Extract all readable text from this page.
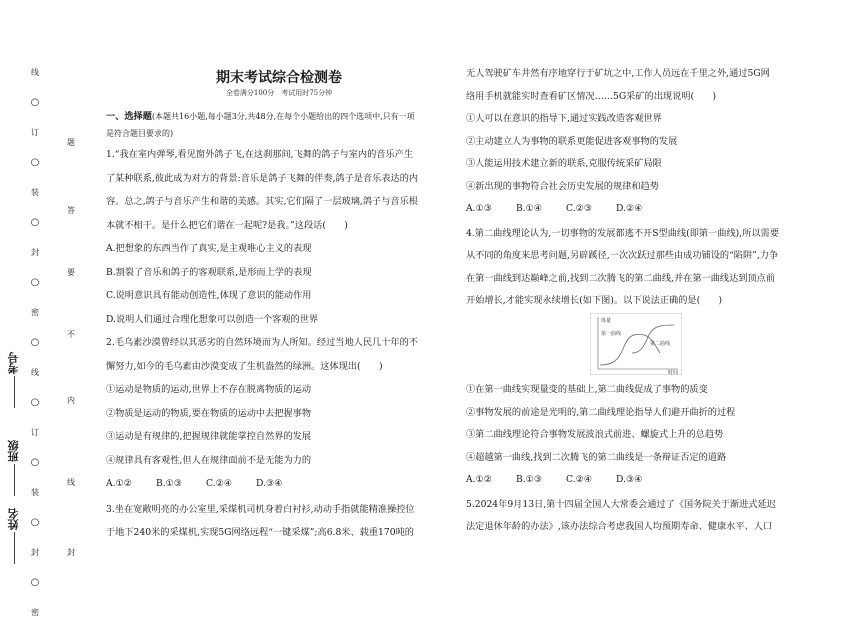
线
○
订
○
装
○
封
○
密
○
线
○
订
○
装
○
封
○
密
题
答
要
不
内
线
封
考号
班级
姓名
期末考试综合检测卷
全卷满分100分　考试用时75分钟
一、选择题(本题共16小题,每小题3分,共48分,在每个小题给出的四个选项中,只有一项
是符合题目要求的)
1.“我在室内弹琴,看见窗外鸽子飞,在这刹那间,飞舞的鸽子与室内的音乐产生
了某种联系,彼此成为对方的背景:音乐是鸽子飞舞的伴奏,鸽子是音乐表达的内
容。总之,鸽子与音乐产生和谐的美感。其实,它们隔了一层玻璃,鸽子与音乐根
本就不相干。是什么把它们谐在一起呢?是我。”这段话(　　)
A.把想象的东西当作了真实,是主观唯心主义的表现
B.割裂了音乐和鸽子的客观联系,是形而上学的表现
C.说明意识具有能动创造性,体现了意识的能动作用
D.说明人们通过合理化想象可以创造一个客观的世界
2.毛乌素沙漠曾经以其恶劣的自然环境而为人所知。经过当地人民几十年的不
懈努力,如今的毛乌素由沙漠变成了生机盎然的绿洲。这体现出(　　)
①运动是物质的运动,世界上不存在脱离物质的运动
②物质是运动的物质,要在物质的运动中去把握事物
③运动是有规律的,把握规律就能掌控自然界的发展
④规律具有客观性,但人在规律面前不是无能为力的
A.①②	B.①③	C.②④	D.③④
3.坐在宽敞明亮的办公室里,采煤机司机身着白衬衫,动动手指就能精准操控位
于地下240米的采煤机,实现5G网络远程“一键采煤”;高6.8米、载重170吨的
无人驾驶矿车井然有序地穿行于矿坑之中,工作人员远在千里之外,通过5G网
络用手机就能实时查看矿区情况……5G采矿的出现说明(　　)
①人可以在意识的指导下,通过实践改造客观世界
②主动建立人为事物的联系更能促进客观事物的发展
③人能运用技术建立新的联系,克服传统采矿局限
④新出现的事物符合社会历史发展的规律和趋势
A.①③	B.①④	C.②③	D.②④
4.第二曲线理论认为,一切事物的发展都逃不开S型曲线(即第一曲线),所以需要
从不同的角度来思考问题,另辟蹊径,一次次跃过那些由成功铺设的“陷阱”,力争
在第一曲线到达巅峰之前,找到二次腾飞的第二曲线,并在第一曲线达到顶点前
开始增长,才能实现永续增长(如下图)。以下说法正确的是(　　)
①在第一曲线实现量变的基础上,第二曲线促成了事物的质变
②事物发展的前途是光明的,第二曲线理论指导人们避开曲折的过程
③第二曲线理论符合事物发展波浪式前进、螺旋式上升的总趋势
④超越第一曲线,找到二次腾飞的第二曲线是一条辩证否定的道路
A.①②	B.①③	C.②④	D.③④
5.2024年9月13日,第十四届全国人大常委会通过了《国务院关于渐进式延迟
法定退休年龄的办法》,该办法综合考虑我国人均预期寿命、健康水平、人口
体量
时间
第一曲线
第二曲线
